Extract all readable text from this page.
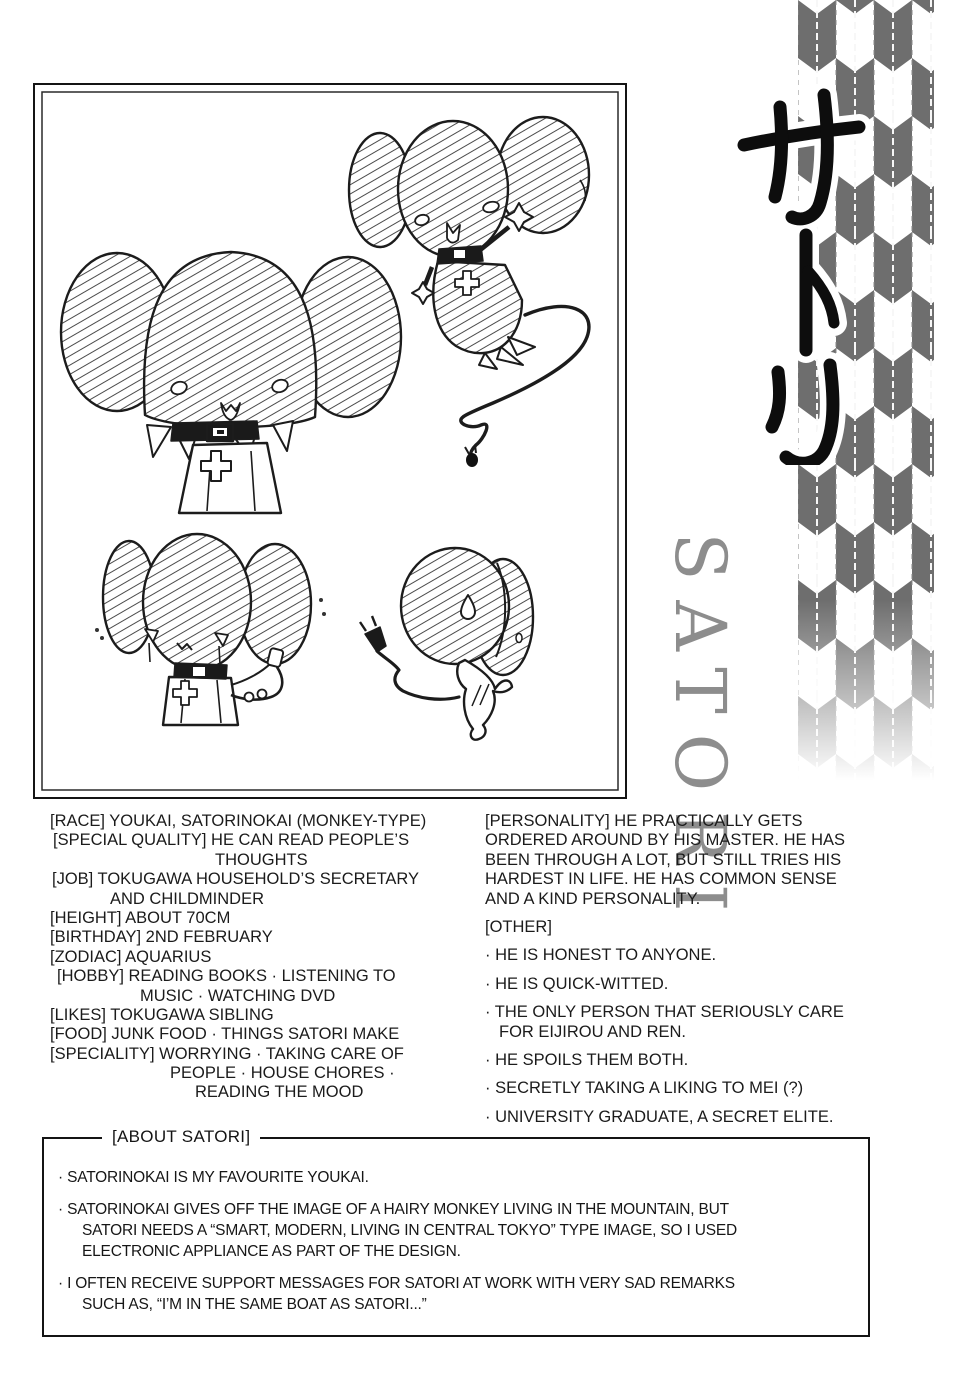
SATORI
[RACE] YOUKAI, SATORINOKAI (MONKEY-TYPE)
[SPECIAL QUALITY] HE CAN READ PEOPLE’S
THOUGHTS
[JOB] TOKUGAWA HOUSEHOLD’S SECRETARY
AND CHILDMINDER
[HEIGHT] ABOUT 70CM
[BIRTHDAY] 2ND FEBRUARY
[ZODIAC] AQUARIUS
[HOBBY] READING BOOKS · LISTENING TO
MUSIC · WATCHING DVD
[LIKES] TOKUGAWA SIBLING
[FOOD] JUNK FOOD · THINGS SATORI MAKE
[SPECIALITY] WORRYING · TAKING CARE OF
PEOPLE · HOUSE CHORES ·
READING THE MOOD
[PERSONALITY] HE PRACTICALLY GETS
ORDERED AROUND BY HIS MASTER. HE HAS
BEEN THROUGH A LOT, BUT STILL TRIES HIS
HARDEST IN LIFE. HE HAS COMMON SENSE
AND A KIND PERSONALITY.
[OTHER]
· HE IS HONEST TO ANYONE.
· HE IS QUICK-WITTED.
· THE ONLY PERSON THAT SERIOUSLY CARE
FOR EIJIROU AND REN.
· HE SPOILS THEM BOTH.
· SECRETLY TAKING A LIKING TO MEI (?)
· UNIVERSITY GRADUATE, A SECRET ELITE.
[ABOUT SATORI]
· SATORINOKAI IS MY FAVOURITE YOUKAI.
· SATORINOKAI GIVES OFF THE IMAGE OF A HAIRY MONKEY LIVING IN THE MOUNTAIN, BUT
SATORI NEEDS A “SMART, MODERN, LIVING IN CENTRAL TOKYO” TYPE IMAGE, SO I USED
ELECTRONIC APPLIANCE AS PART OF THE DESIGN.
· I OFTEN RECEIVE SUPPORT MESSAGES FOR SATORI AT WORK WITH VERY SAD REMARKS
SUCH AS, “I’M IN THE SAME BOAT AS SATORI...”
